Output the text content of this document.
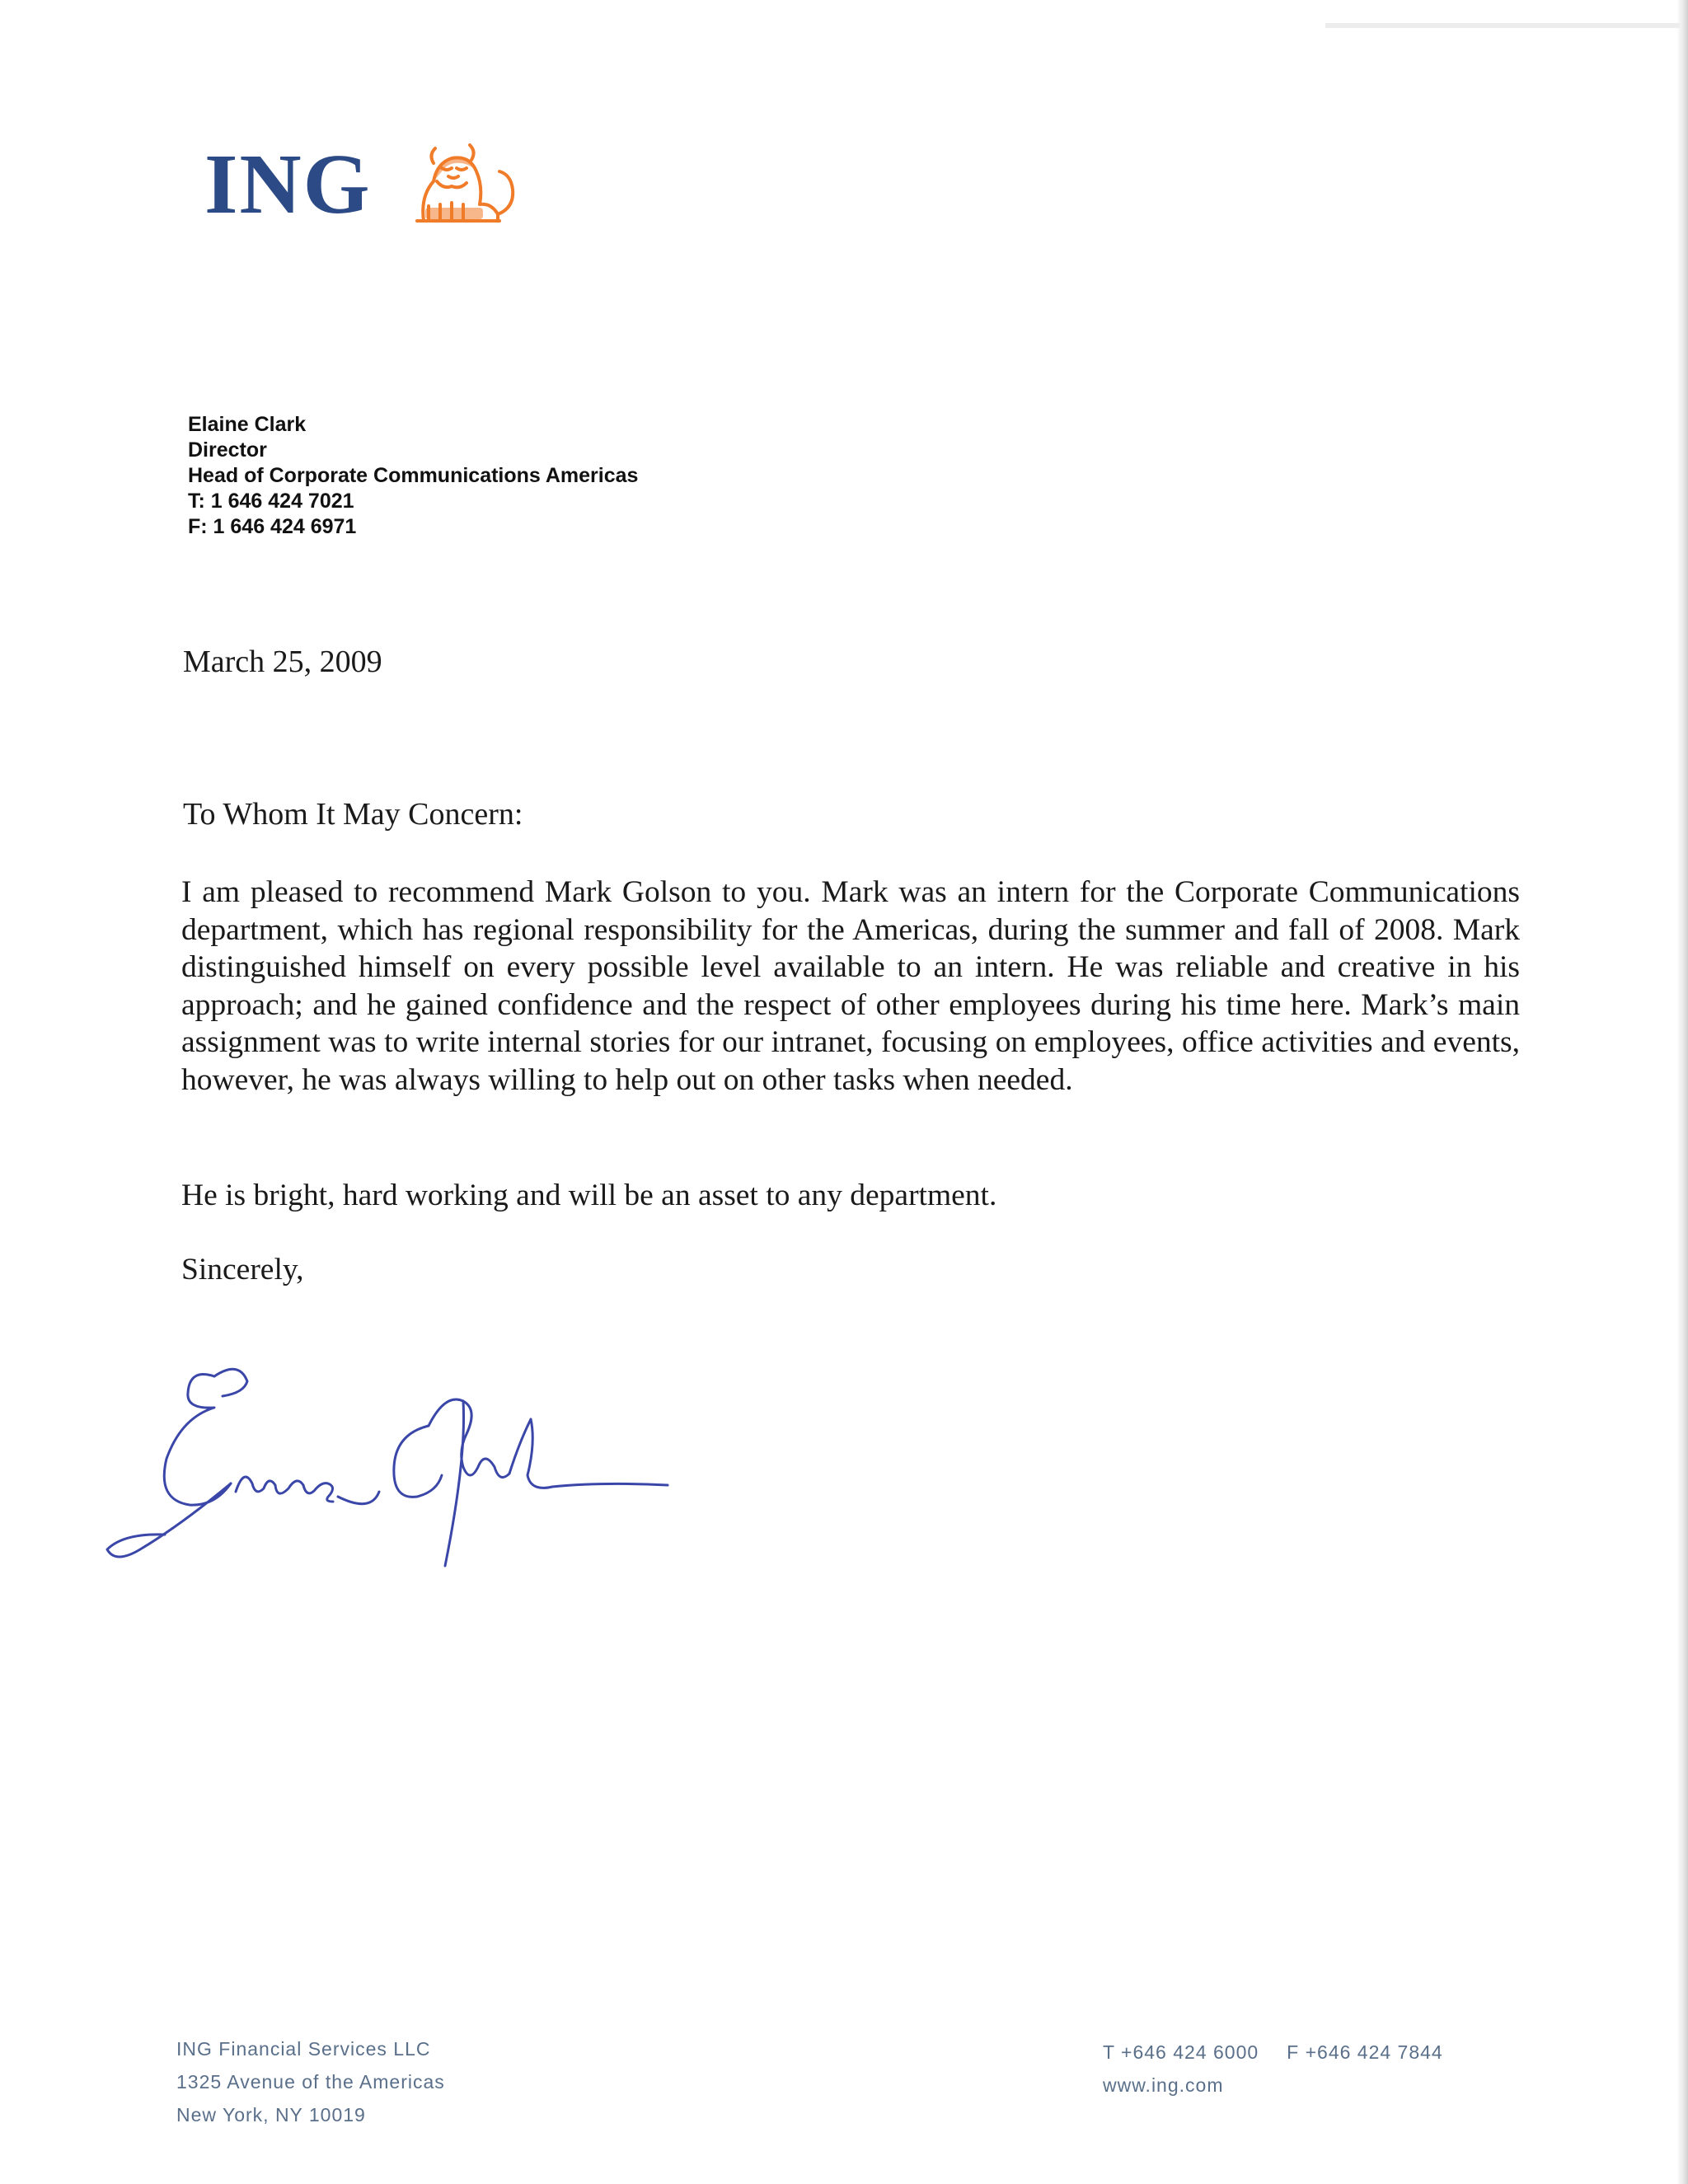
ING
Elaine Clark
Director
Head of Corporate Communications Americas
T: 1 646 424 7021
F: 1 646 424 6971
March 25, 2009
To Whom It May Concern:
I am pleased to recommend Mark Golson to you. Mark was an intern for the Corporate Communications department, which has regional responsibility for the Americas, during the summer and fall of 2008. Mark distinguished himself on every possible level available to an intern. He was reliable and creative in his approach; and he gained confidence and the respect of other employees during his time here. Mark’s main assignment was to write internal stories for our intranet, focusing on employees, office activities and events, however, he was always willing to help out on other tasks when needed.
He is bright, hard working and will be an asset to any department.
Sincerely,
ING Financial Services LLC
1325 Avenue of the Americas
New York, NY 10019
T +646 424 6000 F +646 424 7844
www.ing.com
